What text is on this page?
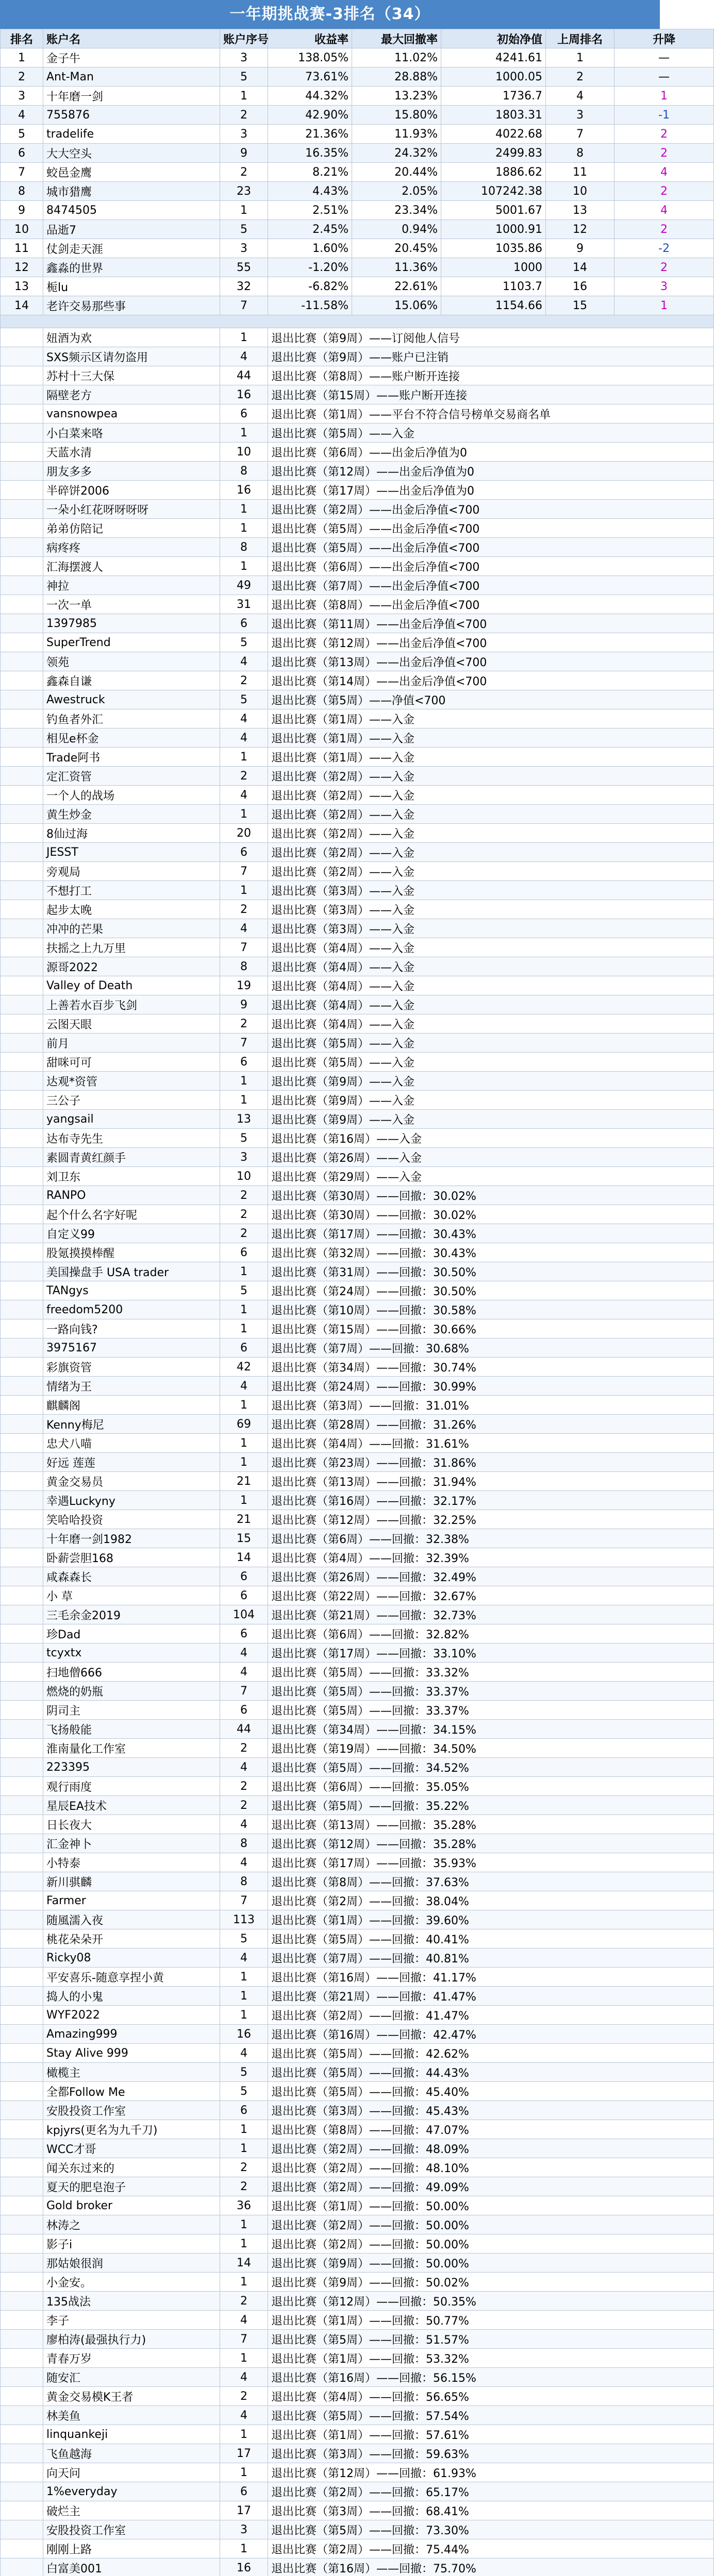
一年期挑战赛-3排名（34）
排名	账户名	账户序号	收益率	最大回撤率	初始净值	上周排名	升降
1	金子牛	3	138.05%	11.02%	4241.61	1	—
2	Ant-Man	5	73.61%	28.88%	1000.05	2	—
3	十年磨一剑	1	44.32%	13.23%	1736.7	4	1
4	755876	2	42.90%	15.80%	1803.31	3	-1
5	tradelife	3	21.36%	11.93%	4022.68	7	2
6	大大空头	9	16.35%	24.32%	2499.83	8	2
7	蛟邑金鹰	2	8.21%	20.44%	1886.62	11	4
8	城市猎鹰	23	4.43%	2.05%	107242.38	10	2
9	8474505	1	2.51%	23.34%	5001.67	13	4
10	品逝7	5	2.45%	0.94%	1000.91	12	2
11	仗剑走天涯	3	1.60%	20.45%	1035.86	9	-2
12	鑫淼的世界	55	-1.20%	11.36%	1000	14	2
13	栀lu	32	-6.82%	22.61%	1103.7	16	3
14	老许交易那些事	7	-11.58%	15.06%	1154.66	15	1

	妞酒为欢	1	退出比赛（第9周）——订阅他人信号				
	SXS频示区请勿盗用	4	退出比赛（第9周）——账户已注销				
	苏村十三大保	44	退出比赛（第8周）——账户断开连接				
	隔壁老方	16	退出比赛（第15周）——账户断开连接				
	vansnowpea	6	退出比赛（第1周）——平台不符合信号榜单交易商名单				
	小白菜来咯	1	退出比赛（第5周）——入金				
	天蓝水清	10	退出比赛（第6周）——出金后净值为0				
	朋友多多	8	退出比赛（第12周）——出金后净值为0				
	半碎饼2006	16	退出比赛（第17周）——出金后净值为0				
	一朵小红花呀呀呀呀	1	退出比赛（第2周）——出金后净值<700				
	弟弟仿陪记	1	退出比赛（第5周）——出金后净值<700				
	病疼疼	8	退出比赛（第5周）——出金后净值<700				
	汇海摆渡人	1	退出比赛（第6周）——出金后净值<700				
	神拉	49	退出比赛（第7周）——出金后净值<700				
	一次一单	31	退出比赛（第8周）——出金后净值<700				
	1397985	6	退出比赛（第11周）——出金后净值<700				
	SuperTrend	5	退出比赛（第12周）——出金后净值<700				
	领苑	4	退出比赛（第13周）——出金后净值<700				
	鑫森自谦	2	退出比赛（第14周）——出金后净值<700				
	Awestruck	5	退出比赛（第5周）——净值<700				
	钓鱼者外汇	4	退出比赛（第1周）——入金				
	相见e杯金	4	退出比赛（第1周）——入金				
	Trade阿书	1	退出比赛（第1周）——入金				
	定汇资管	2	退出比赛（第2周）——入金				
	一个人的战场	4	退出比赛（第2周）——入金				
	黄生炒金	1	退出比赛（第2周）——入金				
	8仙过海	20	退出比赛（第2周）——入金				
	JESST	6	退出比赛（第2周）——入金				
	旁观局	7	退出比赛（第2周）——入金				
	不想打工	1	退出比赛（第3周）——入金				
	起步太晚	2	退出比赛（第3周）——入金				
	冲冲的芒果	4	退出比赛（第3周）——入金				
	扶摇之上九万里	7	退出比赛（第4周）——入金				
	源哥2022	8	退出比赛（第4周）——入金				
	Valley of Death	19	退出比赛（第4周）——入金				
	上善若水百步飞剑	9	退出比赛（第4周）——入金				
	云图天眼	2	退出比赛（第4周）——入金				
	前月	7	退出比赛（第5周）——入金				
	甜咪可可	6	退出比赛（第5周）——入金				
	达观*资管	1	退出比赛（第9周）——入金				
	三公子	1	退出比赛（第9周）——入金				
	yangsail	13	退出比赛（第9周）——入金				
	达布寺先生	5	退出比赛（第16周）——入金				
	素圆青黄红颜手	3	退出比赛（第26周）——入金				
	刘卫东	10	退出比赛（第29周）——入金				
	RANPO	2	退出比赛（第30周）——回撤：30.02%				
	起个什么名字好呢	2	退出比赛（第30周）——回撤：30.02%				
	自定义99	2	退出比赛（第17周）——回撤：30.43%				
	股氪摸摸棒醒	6	退出比赛（第32周）——回撤：30.43%				
	美国操盘手 USA trader	1	退出比赛（第31周）——回撤：30.50%				
	TANgys	5	退出比赛（第24周）——回撤：30.50%				
	freedom5200	1	退出比赛（第10周）——回撤：30.58%				
	一路向钱?	1	退出比赛（第15周）——回撤：30.66%				
	3975167	6	退出比赛（第7周）——回撤：30.68%				
	彩旗资管	42	退出比赛（第34周）——回撤：30.74%				
	情绪为王	4	退出比赛（第24周）——回撤：30.99%				
	麒麟阁	1	退出比赛（第3周）——回撤：31.01%				
	Kenny梅尼	69	退出比赛（第28周）——回撤：31.26%				
	忠犬八喵	1	退出比赛（第4周）——回撤：31.61%				
	好远 莲莲	1	退出比赛（第23周）——回撤：31.86%				
	黄金交易员	21	退出比赛（第13周）——回撤：31.94%				
	幸遇Luckyny	1	退出比赛（第16周）——回撤：32.17%				
	笑哈哈投资	21	退出比赛（第12周）——回撤：32.25%				
	十年磨一剑1982	15	退出比赛（第6周）——回撤：32.38%				
	卧薪尝胆168	14	退出比赛（第4周）——回撤：32.39%				
	咸森森长	6	退出比赛（第26周）——回撤：32.49%				
	小 草	6	退出比赛（第22周）——回撤：32.67%				
	三毛余金2019	104	退出比赛（第21周）——回撤：32.73%				
	珍Dad	6	退出比赛（第6周）——回撤：32.82%				
	tcyxtx	4	退出比赛（第17周）——回撤：33.10%				
	扫地僧666	4	退出比赛（第5周）——回撤：33.32%				
	燃烧的奶瓶	7	退出比赛（第5周）——回撤：33.37%				
	阴司主	6	退出比赛（第5周）——回撤：33.37%				
	飞扬般能	44	退出比赛（第34周）——回撤：34.15%				
	淮南量化工作室	2	退出比赛（第19周）——回撤：34.50%				
	223395	4	退出比赛（第5周）——回撤：34.52%				
	观行雨度	2	退出比赛（第6周）——回撤：35.05%				
	星辰EA技术	2	退出比赛（第5周）——回撤：35.22%				
	日长夜大	4	退出比赛（第13周）——回撤：35.28%				
	汇金神卜	8	退出比赛（第12周）——回撤：35.28%				
	小特泰	4	退出比赛（第17周）——回撤：35.93%				
	新川骐麟	8	退出比赛（第8周）——回撤：37.63%				
	Farmer	7	退出比赛（第2周）——回撤：38.04%				
	随風濡入夜	113	退出比赛（第1周）——回撤：39.60%				
	桃花朵朵开	5	退出比赛（第5周）——回撤：40.41%				
	Ricky08	4	退出比赛（第7周）——回撤：40.81%				
	平安喜乐-随意享捏小黄	1	退出比赛（第16周）——回撤：41.17%				
	捣人的小鬼	1	退出比赛（第21周）——回撤：41.47%				
	WYF2022	1	退出比赛（第2周）——回撤：41.47%				
	Amazing999	16	退出比赛（第16周）——回撤：42.47%				
	Stay Alive 999	4	退出比赛（第5周）——回撤：42.62%				
	橄榄主	5	退出比赛（第5周）——回撤：44.43%				
	全都Follow Me	5	退出比赛（第5周）——回撤：45.40%				
	安股投资工作室	6	退出比赛（第3周）——回撤：45.43%				
	kpjyrs(更名为九千刀)	1	退出比赛（第8周）——回撤：47.07%				
	WCC才哥	1	退出比赛（第2周）——回撤：48.09%				
	闻关东过来的	2	退出比赛（第2周）——回撤：48.10%				
	夏天的肥皂泡子	2	退出比赛（第2周）——回撤：49.09%				
	Gold broker	36	退出比赛（第1周）——回撤：50.00%				
	林涛之	1	退出比赛（第2周）——回撤：50.00%				
	影子i	1	退出比赛（第2周）——回撤：50.00%				
	那姑娘很润	14	退出比赛（第9周）——回撤：50.00%				
	小金安。	1	退出比赛（第9周）——回撤：50.02%				
	135战法	2	退出比赛（第12周）——回撤：50.35%				
	李子	4	退出比赛（第1周）——回撤：50.77%				
	廖柏涛(最强执行力)	7	退出比赛（第5周）——回撤：51.57%				
	青春万岁	1	退出比赛（第1周）——回撤：53.32%				
	随安汇	4	退出比赛（第16周）——回撤：56.15%				
	黄金交易模K王者	2	退出比赛（第4周）——回撤：56.65%				
	林美鱼	4	退出比赛（第5周）——回撤：57.54%				
	linquankeji	1	退出比赛（第1周）——回撤：57.61%				
	飞鱼越海	17	退出比赛（第3周）——回撤：59.63%				
	向天问	1	退出比赛（第12周）——回撤：61.93%				
	1%everyday	6	退出比赛（第2周）——回撤：65.17%				
	破烂主	17	退出比赛（第3周）——回撤：68.41%				
	安股投资工作室	3	退出比赛（第5周）——回撤：73.30%				
	刚刚上路	1	退出比赛（第2周）——回撤：75.44%				
	白富美001	16	退出比赛（第16周）——回撤：75.70%				
